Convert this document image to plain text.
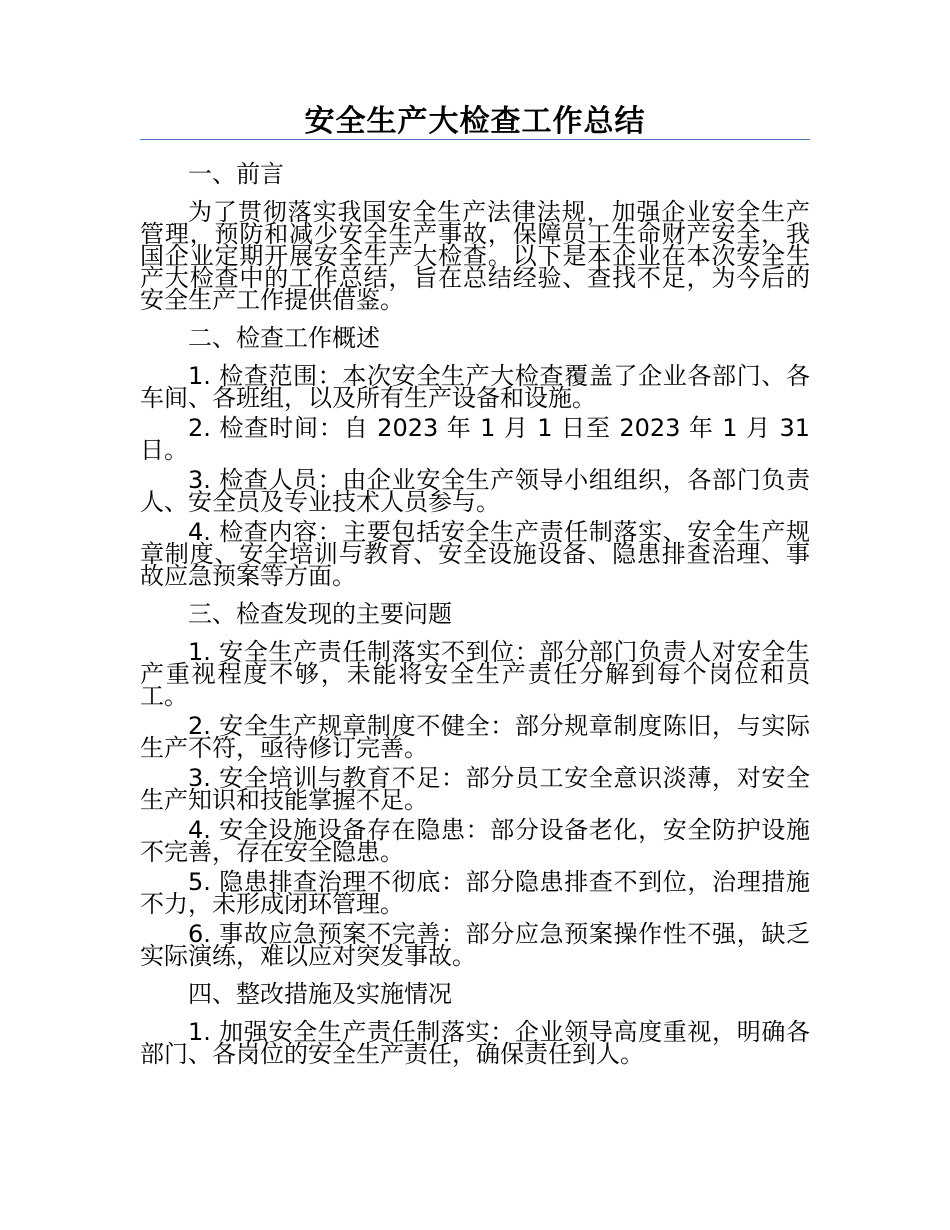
安全生产大检查工作总结

一、前言

为了贯彻落实我国安全生产法律法规，加强企业安全生产管理，预防和减少安全生产事故，保障员工生命财产安全，我国企业定期开展安全生产大检查。以下是本企业在本次安全生产大检查中的工作总结，旨在总结经验、查找不足，为今后的安全生产工作提供借鉴。

二、检查工作概述

1. 检查范围：本次安全生产大检查覆盖了企业各部门、各车间、各班组，以及所有生产设备和设施。

2. 检查时间：自 2023 年 1 月 1 日至 2023 年 1 月 31 日。

3. 检查人员：由企业安全生产领导小组组织，各部门负责人、安全员及专业技术人员参与。

4. 检查内容：主要包括安全生产责任制落实、安全生产规章制度、安全培训与教育、安全设施设备、隐患排查治理、事故应急预案等方面。

三、检查发现的主要问题

1. 安全生产责任制落实不到位：部分部门负责人对安全生产重视程度不够，未能将安全生产责任分解到每个岗位和员工。

2. 安全生产规章制度不健全：部分规章制度陈旧，与实际生产不符，亟待修订完善。

3. 安全培训与教育不足：部分员工安全意识淡薄，对安全生产知识和技能掌握不足。

4. 安全设施设备存在隐患：部分设备老化，安全防护设施不完善，存在安全隐患。

5. 隐患排查治理不彻底：部分隐患排查不到位，治理措施不力，未形成闭环管理。

6. 事故应急预案不完善：部分应急预案操作性不强，缺乏实际演练，难以应对突发事故。

四、整改措施及实施情况

1. 加强安全生产责任制落实：企业领导高度重视，明确各部门、各岗位的安全生产责任，确保责任到人。
